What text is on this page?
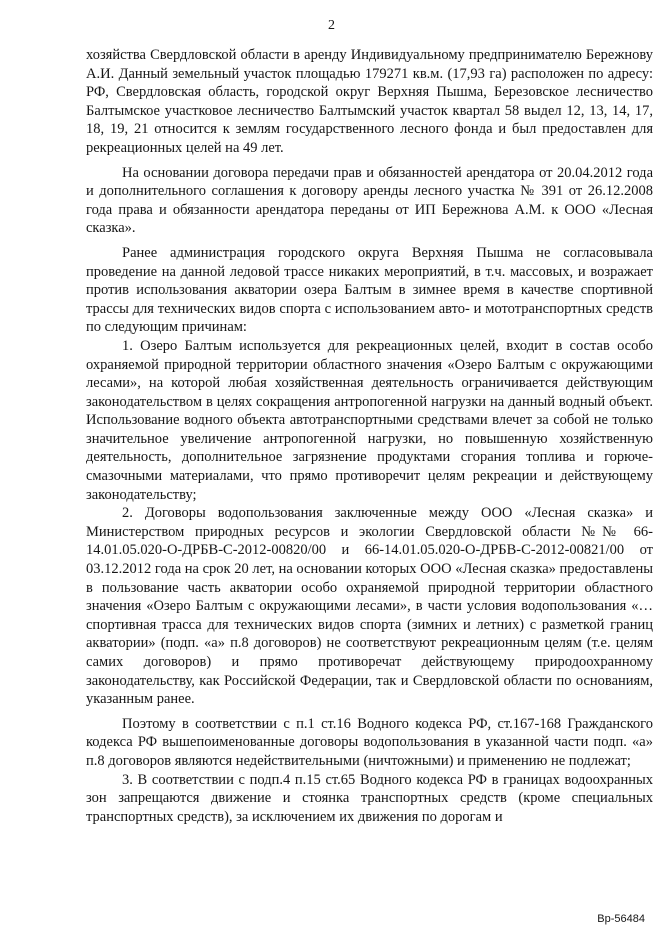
2

хозяйства Свердловской области в аренду Индивидуальному предпринимателю Бережнову А.И. Данный земельный участок площадью 179271 кв.м. (17,93 га) расположен по адресу: РФ, Свердловская область, городской округ Верхняя Пышма, Березовское лесничество Балтымское участковое лесничество Балтымский участок квартал 58 выдел 12, 13, 14, 17, 18, 19, 21 относится к землям государственного лесного фонда и был предоставлен для рекреационных целей на 49 лет.

На основании договора передачи прав и обязанностей арендатора от 20.04.2012 года и дополнительного соглашения к договору аренды лесного участка № 391 от 26.12.2008 года права и обязанности арендатора переданы от ИП Бережнова А.М. к ООО «Лесная сказка».

Ранее администрация городского округа Верхняя Пышма не согласовывала проведение на данной ледовой трассе никаких мероприятий, в т.ч. массовых, и возражает против использования акватории озера Балтым в зимнее время в качестве спортивной трассы для технических видов спорта с использованием авто- и мототранспортных средств по следующим причинам:

1. Озеро Балтым используется для рекреационных целей, входит в состав особо охраняемой природной территории областного значения «Озеро Балтым с окружающими лесами», на которой любая хозяйственная деятельность ограничивается действующим законодательством в целях сокращения антропогенной нагрузки на данный водный объект. Использование водного объекта автотранспортными средствами влечет за собой не только значительное увеличение антропогенной нагрузки, но повышенную хозяйственную деятельность, дополнительное загрязнение продуктами сгорания топлива и горюче-смазочными материалами, что прямо противоречит целям рекреации и действующему законодательству;

2. Договоры водопользования заключенные между ООО «Лесная сказка» и Министерством природных ресурсов и экологии Свердловской области №№ 66-14.01.05.020-О-ДРБВ-С-2012-00820/00 и 66-14.01.05.020-О-ДРБВ-С-2012-00821/00 от 03.12.2012 года на срок 20 лет, на основании которых ООО «Лесная сказка» предоставлены в пользование часть акватории особо охраняемой природной территории областного значения «Озеро Балтым с окружающими лесами», в части условия водопользования «… спортивная трасса для технических видов спорта (зимних и летних) с разметкой границ акватории» (подп. «а» п.8 договоров) не соответствуют рекреационным целям (т.е. целям самих договоров) и прямо противоречат действующему природоохранному законодательству, как Российской Федерации, так и Свердловской области по основаниям, указанным ранее.

Поэтому в соответствии с п.1 ст.16 Водного кодекса РФ, ст.167-168 Гражданского кодекса РФ вышепоименованные договоры водопользования в указанной части подп. «а» п.8 договоров являются недействительными (ничтожными) и применению не подлежат;

3. В соответствии с подп.4 п.15 ст.65 Водного кодекса РФ в границах водоохранных зон запрещаются движение и стоянка транспортных средств (кроме специальных транспортных средств), за исключением их движения по дорогам и

Вр-56484
